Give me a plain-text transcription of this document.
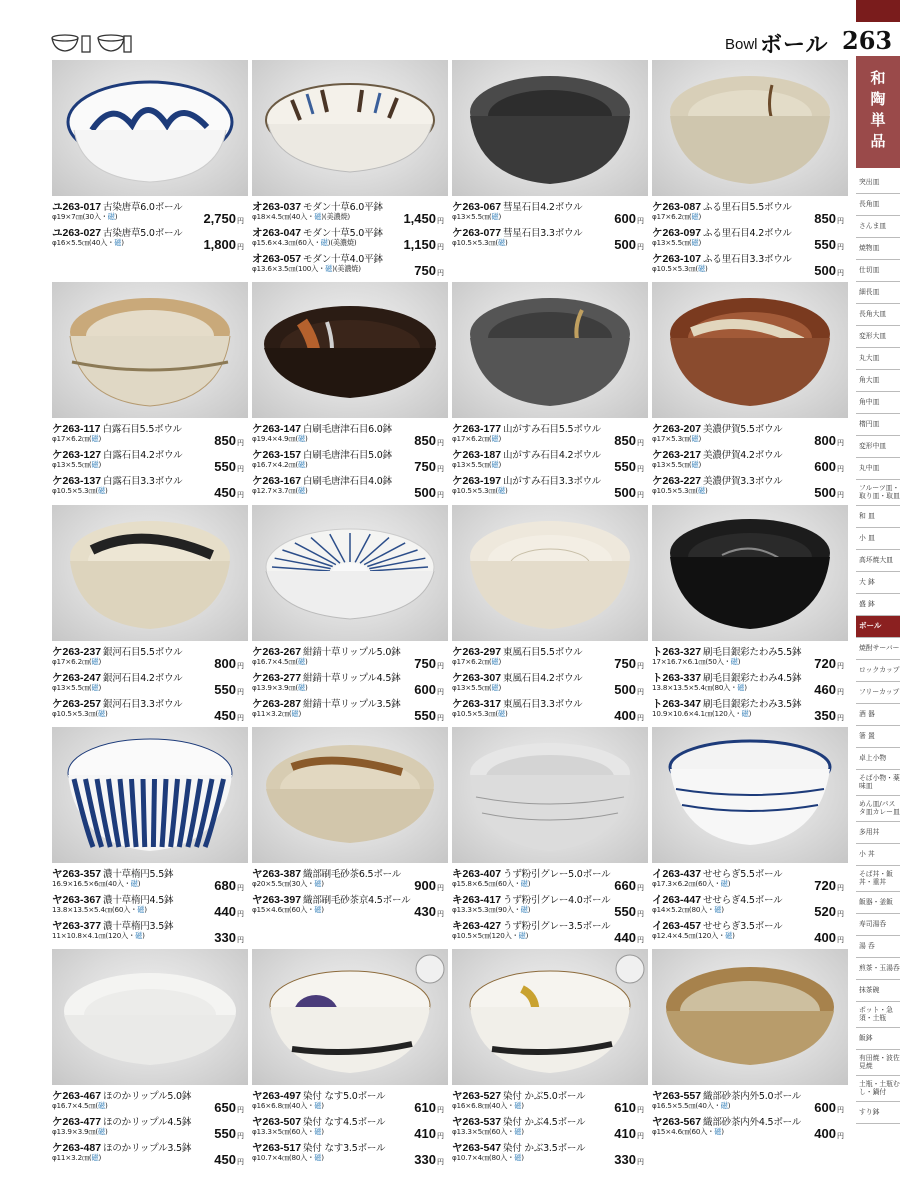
Bowl ボール 263
和陶単品
突出皿
長角皿
さんま皿
焼物皿
仕切皿
細長皿
長角大皿
変形大皿
丸大皿
角大皿
角中皿
楕円皿
変形中皿
丸中皿
フルーツ皿・取り皿・取皿
和 皿
小 皿
高坏焼大皿
大 鉢
盛 鉢
ボール
焼酎サーバー
ロックカップ
フリーカップ
酒 器
箸 置
卓上小物
そば小物・薬味皿
めん皿/パスタ皿カレー皿
多用丼
小 丼
そば丼・飯丼・重丼
飯器・釜飯
寿司湯呑
湯 呑
煎茶・玉湯呑
抹茶碗
ポット・急須・土瓶
飯鉢
有田焼・波佐見焼
土瓶・土瓶むし・鍋付
すり鉢
ユ263-017 古染唐草6.0ボール
φ19×7㎝(30入・磁)	2,750円
ユ263-027 古染唐草5.0ボール
φ16×5.5㎝(40入・磁)	1,800円
オ263-037 モダン十草6.0平鉢
φ18×4.5㎝(40入・磁)(美濃焼)	1,450円
オ263-047 モダン十草5.0平鉢
φ15.6×4.3㎝(60入・磁)(美濃焼)	1,150円
オ263-057 モダン十草4.0平鉢
φ13.6×3.5㎝(100入・磁)(美濃焼)	750円
ケ263-067 彗星石目4.2ボウル
φ13×5.5㎝(磁)	600円
ケ263-077 彗星石目3.3ボウル
φ10.5×5.3㎝(磁)	500円
ケ263-087 ふる里石目5.5ボウル
φ17×6.2㎝(磁)	850円
ケ263-097 ふる里石目4.2ボウル
φ13×5.5㎝(磁)	550円
ケ263-107 ふる里石目3.3ボウル
φ10.5×5.3㎝(磁)	500円
ケ263-117 白露石目5.5ボウル
φ17×6.2㎝(磁)	850円
ケ263-127 白露石目4.2ボウル
φ13×5.5㎝(磁)	550円
ケ263-137 白露石目3.3ボウル
φ10.5×5.3㎝(磁)	450円
ケ263-147 白刷毛唐津石目6.0鉢
φ19.4×4.9㎝(磁)	850円
ケ263-157 白刷毛唐津石目5.0鉢
φ16.7×4.2㎝(磁)	750円
ケ263-167 白刷毛唐津石目4.0鉢
φ12.7×3.7㎝(磁)	500円
ケ263-177 山がすみ石目5.5ボウル
φ17×6.2㎝(磁)	850円
ケ263-187 山がすみ石目4.2ボウル
φ13×5.5㎝(磁)	550円
ケ263-197 山がすみ石目3.3ボウル
φ10.5×5.3㎝(磁)	500円
ケ263-207 美濃伊賀5.5ボウル
φ17×5.3㎝(磁)	800円
ケ263-217 美濃伊賀4.2ボウル
φ13×5.5㎝(磁)	600円
ケ263-227 美濃伊賀3.3ボウル
φ10.5×5.3㎝(磁)	500円
ケ263-237 銀河石目5.5ボウル
φ17×6.2㎝(磁)	800円
ケ263-247 銀河石目4.2ボウル
φ13×5.5㎝(磁)	550円
ケ263-257 銀河石目3.3ボウル
φ10.5×5.3㎝(磁)	450円
ケ263-267 紺錆十草リップル5.0鉢
φ16.7×4.5㎝(磁)	750円
ケ263-277 紺錆十草リップル4.5鉢
φ13.9×3.9㎝(磁)	600円
ケ263-287 紺錆十草リップル3.5鉢
φ11×3.2㎝(磁)	550円
ケ263-297 東風石目5.5ボウル
φ17×6.2㎝(磁)	750円
ケ263-307 東風石目4.2ボウル
φ13×5.5㎝(磁)	500円
ケ263-317 東風石目3.3ボウル
φ10.5×5.3㎝(磁)	400円
ト263-327 刷毛目銀彩たわみ5.5鉢
17×16.7×6.1㎝(50入・磁)	720円
ト263-337 刷毛目銀彩たわみ4.5鉢
13.8×13.5×5.4㎝(80入・磁)	460円
ト263-347 刷毛目銀彩たわみ3.5鉢
10.9×10.6×4.1㎝(120入・磁)	350円
ヤ263-357 濃十草楕円5.5鉢
16.9×16.5×6㎝(40入・磁)	680円
ヤ263-367 濃十草楕円4.5鉢
13.8×13.5×5.4㎝(60入・磁)	440円
ヤ263-377 濃十草楕円3.5鉢
11×10.8×4.1㎝(120入・磁)	330円
ヤ263-387 織部刷毛砂茶6.5ボール
φ20×5.5㎝(30入・磁)	900円
ヤ263-397 織部刷毛砂茶京4.5ボール
φ15×4.6㎝(60入・磁)	430円
キ263-407 うず粉引グレー5.0ボール
φ15.8×6.5㎝(60入・磁)	660円
キ263-417 うず粉引グレー4.0ボール
φ13.3×5.3㎝(90入・磁)	550円
キ263-427 うず粉引グレー3.5ボール
φ10.5×5㎝(120入・磁)	440円
イ263-437 せせらぎ5.5ボール
φ17.3×6.2㎝(60入・磁)	720円
イ263-447 せせらぎ4.5ボール
φ14×5.2㎝(80入・磁)	520円
イ263-457 せせらぎ3.5ボール
φ12.4×4.5㎝(120入・磁)	400円
ケ263-467 ほのかリップル5.0鉢
φ16.7×4.5㎝(磁)	650円
ケ263-477 ほのかリップル4.5鉢
φ13.9×3.9㎝(磁)	550円
ケ263-487 ほのかリップル3.5鉢
φ11×3.2㎝(磁)	450円
ヤ263-497 染付 なす5.0ボール
φ16×6.8㎝(40入・磁)	610円
ヤ263-507 染付 なす4.5ボール
φ13.3×5㎝(60入・磁)	410円
ヤ263-517 染付 なす3.5ボール
φ10.7×4㎝(80入・磁)	330円
ヤ263-527 染付 かぶ5.0ボール
φ16×6.8㎝(40入・磁)	610円
ヤ263-537 染付 かぶ4.5ボール
φ13.3×5㎝(60入・磁)	410円
ヤ263-547 染付 かぶ3.5ボール
φ10.7×4㎝(80入・磁)	330円
ヤ263-557 織部砂茶内外5.0ボール
φ16.5×5.5㎝(40入・磁)	600円
ヤ263-567 織部砂茶内外4.5ボール
φ15×4.6㎝(60入・磁)	400円
